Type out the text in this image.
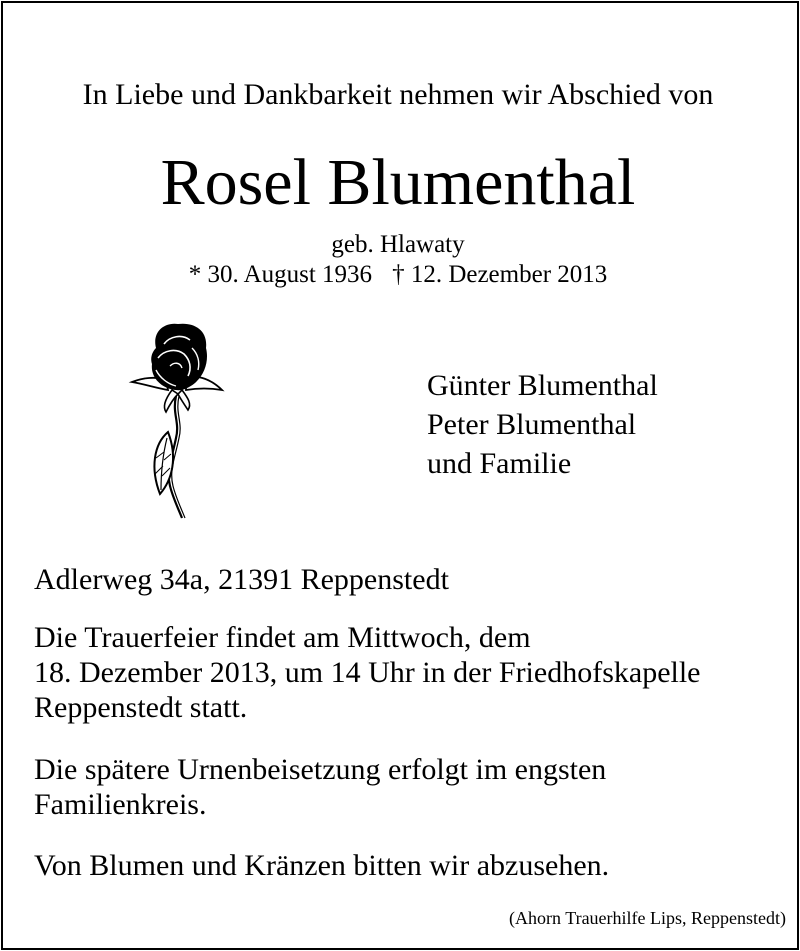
In Liebe und Dankbarkeit nehmen wir Abschied von
Rosel Blumenthal
geb. Hlawaty
* 30. August 1936 † 12. Dezember 2013
Günter Blumenthal
Peter Blumenthal
und Familie
Adlerweg 34a, 21391 Reppenstedt
Die Trauerfeier findet am Mittwoch, dem
18. Dezember 2013, um 14 Uhr in der Friedhofskapelle
Reppenstedt statt.
Die spätere Urnenbeisetzung erfolgt im engsten
Familienkreis.
Von Blumen und Kränzen bitten wir abzusehen.
(Ahorn Trauerhilfe Lips, Reppenstedt)
